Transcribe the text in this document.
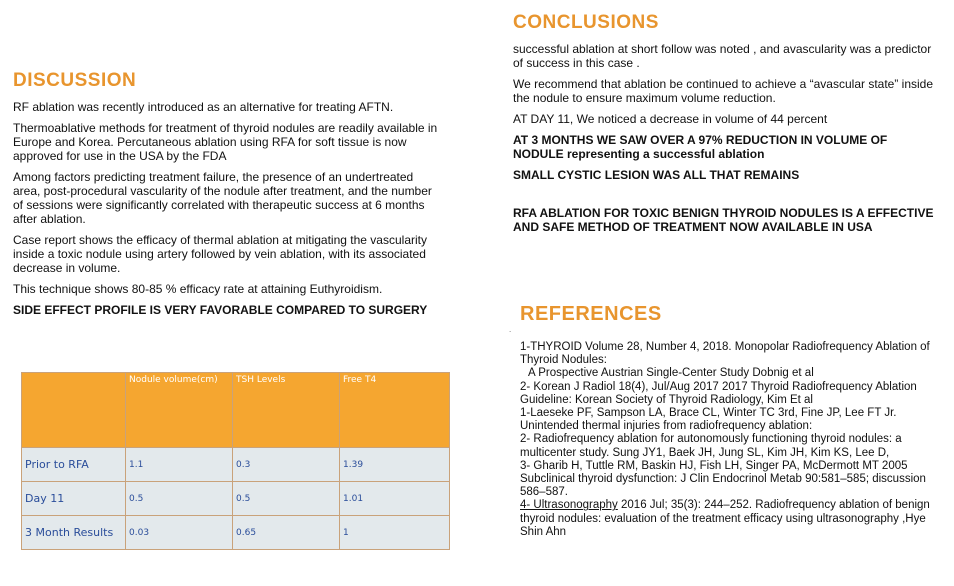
DISCUSSION

RF ablation was recently introduced as an alternative for treating AFTN.

Thermoablative methods for treatment of thyroid nodules are readily available in Europe and Korea. Percutaneous ablation using RFA for soft tissue is now approved for use in the USA by the FDA

Among factors predicting treatment failure, the presence of an undertreated area, post-procedural vascularity of the nodule after treatment, and the number of sessions were significantly correlated with therapeutic success at 6 months after ablation.

Case report shows the efficacy of thermal ablation at mitigating the vascularity inside a toxic nodule using artery followed by vein ablation, with its associated decrease in volume.

This technique shows 80-85 % efficacy rate at attaining Euthyroidism.

SIDE EFFECT PROFILE IS VERY FAVORABLE COMPARED TO SURGERY

	Nodule volume(cm)	TSH Levels	Free T4
Prior to RFA	1.1	0.3	1.39
Day 11	0.5	0.5	1.01
3 Month Results	0.03	0.65	1
CONCLUSIONS

successful ablation at short follow was noted , and avascularity was a predictor of success in this case .

We recommend that ablation be continued to achieve a “avascular state” inside the nodule to ensure maximum volume reduction.

AT DAY 11, We noticed a decrease in volume of 44 percent

AT 3 MONTHS WE SAW OVER A 97% REDUCTION IN VOLUME OF NODULE representing a successful ablation

SMALL CYSTIC LESION WAS ALL THAT REMAINS

RFA ABLATION FOR TOXIC BENIGN THYROID NODULES IS A EFFECTIVE AND SAFE METHOD OF TREATMENT NOW AVAILABLE IN USA

.
REFERENCES
1-THYROID Volume 28, Number 4, 2018. Monopolar Radiofrequency Ablation of Thyroid Nodules:
A Prospective Austrian Single-Center Study Dobnig et al
2- Korean J Radiol 18(4), Jul/Aug 2017 2017 Thyroid Radiofrequency Ablation Guideline: Korean Society of Thyroid Radiology, Kim Et al
1-Laeseke PF, Sampson LA, Brace CL, Winter TC 3rd, Fine JP, Lee FT Jr. Unintended thermal injuries from radiofrequency ablation:
2- Radiofrequency ablation for autonomously functioning thyroid nodules: a multicenter study. Sung JY1, Baek JH, Jung SL, Kim JH, Kim KS, Lee D,
3- Gharib H, Tuttle RM, Baskin HJ, Fish LH, Singer PA, McDermott MT 2005 Subclinical thyroid dysfunction: J Clin Endocrinol Metab 90:581–585; discussion 586–587.
4- Ultrasonography 2016 Jul; 35(3): 244–252. Radiofrequency ablation of benign thyroid nodules: evaluation of the treatment efficacy using ultrasonography ,Hye Shin Ahn
